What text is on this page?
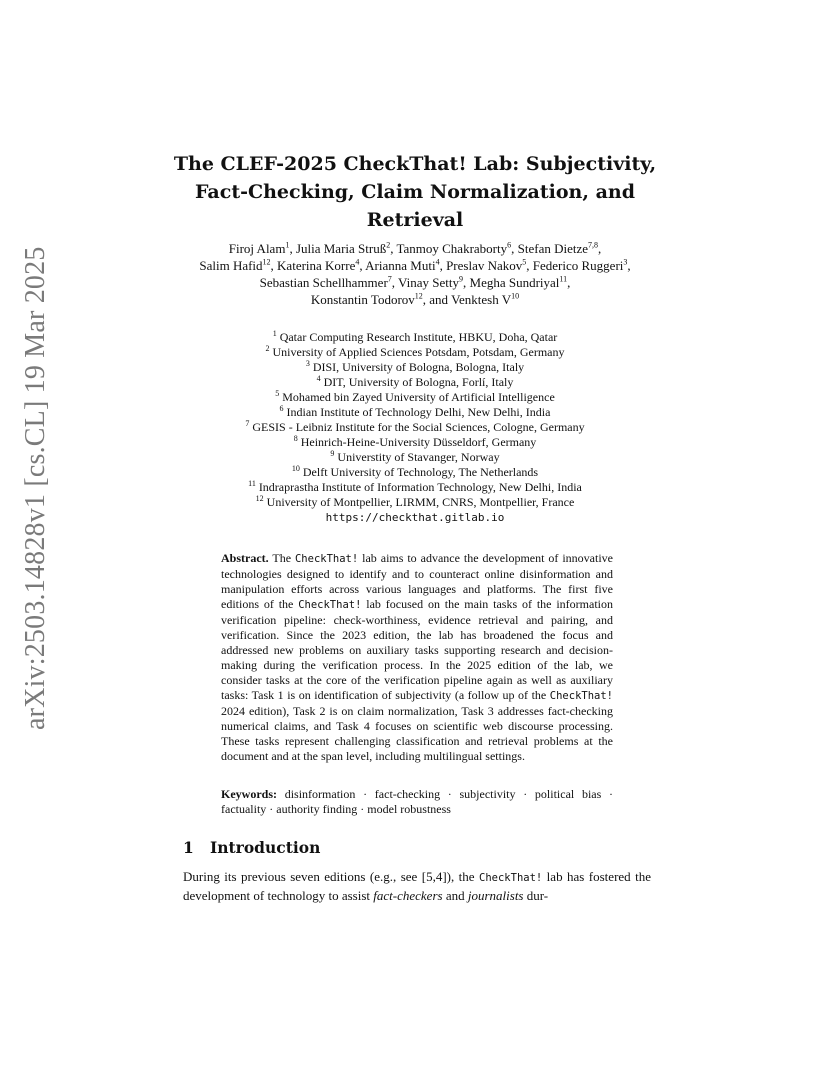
arXiv:2503.14828v1 [cs.CL] 19 Mar 2025
The CLEF-2025 CheckThat! Lab: Subjectivity,
Fact-Checking, Claim Normalization, and
Retrieval
Firoj Alam$^1$, Julia Maria Struß$^2$, Tanmoy Chakraborty$^6$, Stefan Dietze$^{7,8}$,
Salim Hafid$^{12}$, Katerina Korre$^4$, Arianna Muti$^4$, Preslav Nakov$^5$, Federico Ruggeri$^3$, Sebastian Schellhammer$^7$, Vinay Setty$^9$, Megha Sundriyal$^{11}$,
Konstantin Todorov$^{12}$, and Venktesh $V^{10}$
$^1$ Qatar Computing Research Institute, HBKU, Doha, Qatar
$^2$ University of Applied Sciences Potsdam, Potsdam, Germany
$^3$ DISI, University of Bologna, Bologna, Italy
$^4$ DIT, University of Bologna, Forlí, Italy
$^5$ Mohamed bin Zayed University of Artificial Intelligence
$^6$ Indian Institute of Technology Delhi, New Delhi, India
$^7$ GESIS - Leibniz Institute for the Social Sciences, Cologne, Germany
$^8$ Heinrich-Heine-University Düsseldorf, Germany
$^9$ Universtity of Stavanger, Norway
$^{10}$ Delft University of Technology, The Netherlands
$^{11}$ Indraprastha Institute of Information Technology, New Delhi, India
$^{12}$ University of Montpellier, LIRMM, CNRS, Montpellier, France
https://checkthat.gitlab.io
Abstract. The CheckThat! lab aims to advance the development of innovative technologies designed to identify and to counteract online disinformation and manipulation efforts across various languages and platforms. The first five editions of the CheckThat! lab focused on the main tasks of the information verification pipeline: check-worthiness, evidence retrieval and pairing, and verification. Since the 2023 edition, the lab has broadened the focus and addressed new problems on auxiliary tasks supporting research and decision-making during the verification process. In the 2025 edition of the lab, we consider tasks at the core of the verification pipeline again as well as auxiliary tasks: Task 1 is on identification of subjectivity (a follow up of the CheckThat! 2024 edition), Task 2 is on claim normalization, Task 3 addresses fact-checking numerical claims, and Task 4 focuses on scientific web discourse processing. These tasks represent challenging classification and retrieval problems at the document and at the span level, including multilingual settings.
Keywords: disinformation · fact-checking · subjectivity · political bias · factuality · authority finding · model robustness
1 Introduction
During its previous seven editions (e.g., see [5,4]), the CheckThat! lab has fostered the development of technology to assist fact-checkers and journalists dur-
